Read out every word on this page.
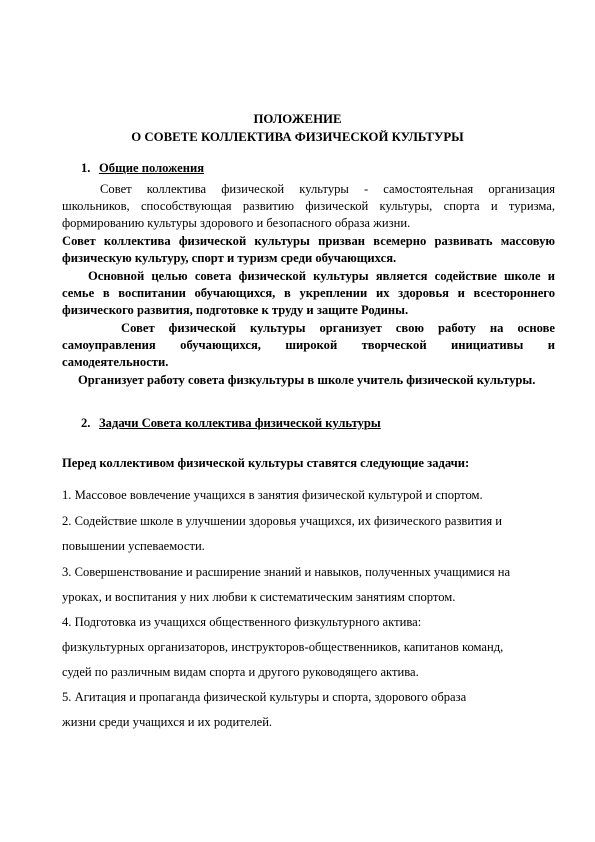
ПОЛОЖЕНИЕ
О СОВЕТЕ КОЛЛЕКТИВА ФИЗИЧЕСКОЙ КУЛЬТУРЫ
1. Общие положения
Совет коллектива физической культуры - самостоятельная организация
школьников, способствующая развитию физической культуры, спорта и туризма,
формированию культуры здорового и безопасного образа жизни.
Совет коллектива физической культуры призван всемерно развивать массовую
физическую культуру, спорт и туризм среди обучающихся.
Основной целью совета физической культуры является содействие школе и
семье в воспитании обучающихся, в укреплении их здоровья и всестороннего
физического развития, подготовке к труду и защите Родины.
Совет физической культуры организует свою работу на основе
самоуправления обучающихся, широкой творческой инициативы и
самодеятельности.
Организует работу совета физкультуры в школе учитель физической культуры.
2. Задачи Совета коллектива физической культуры
Перед коллективом физической культуры ставятся следующие задачи:
1. Массовое вовлечение учащихся в занятия физической культурой и спортом.
2. Содействие школе в улучшении здоровья учащихся, их физического развития и
повышении успеваемости.
3. Совершенствование и расширение знаний и навыков, полученных учащимися на
уроках, и воспитания у них любви к систематическим занятиям спортом.
4. Подготовка из учащихся общественного физкультурного актива:
физкультурных организаторов, инструкторов-общественников, капитанов команд,
судей по различным видам спорта и другого руководящего актива.
5. Агитация и пропаганда физической культуры и спорта, здорового образа
жизни среди учащихся и их родителей.
